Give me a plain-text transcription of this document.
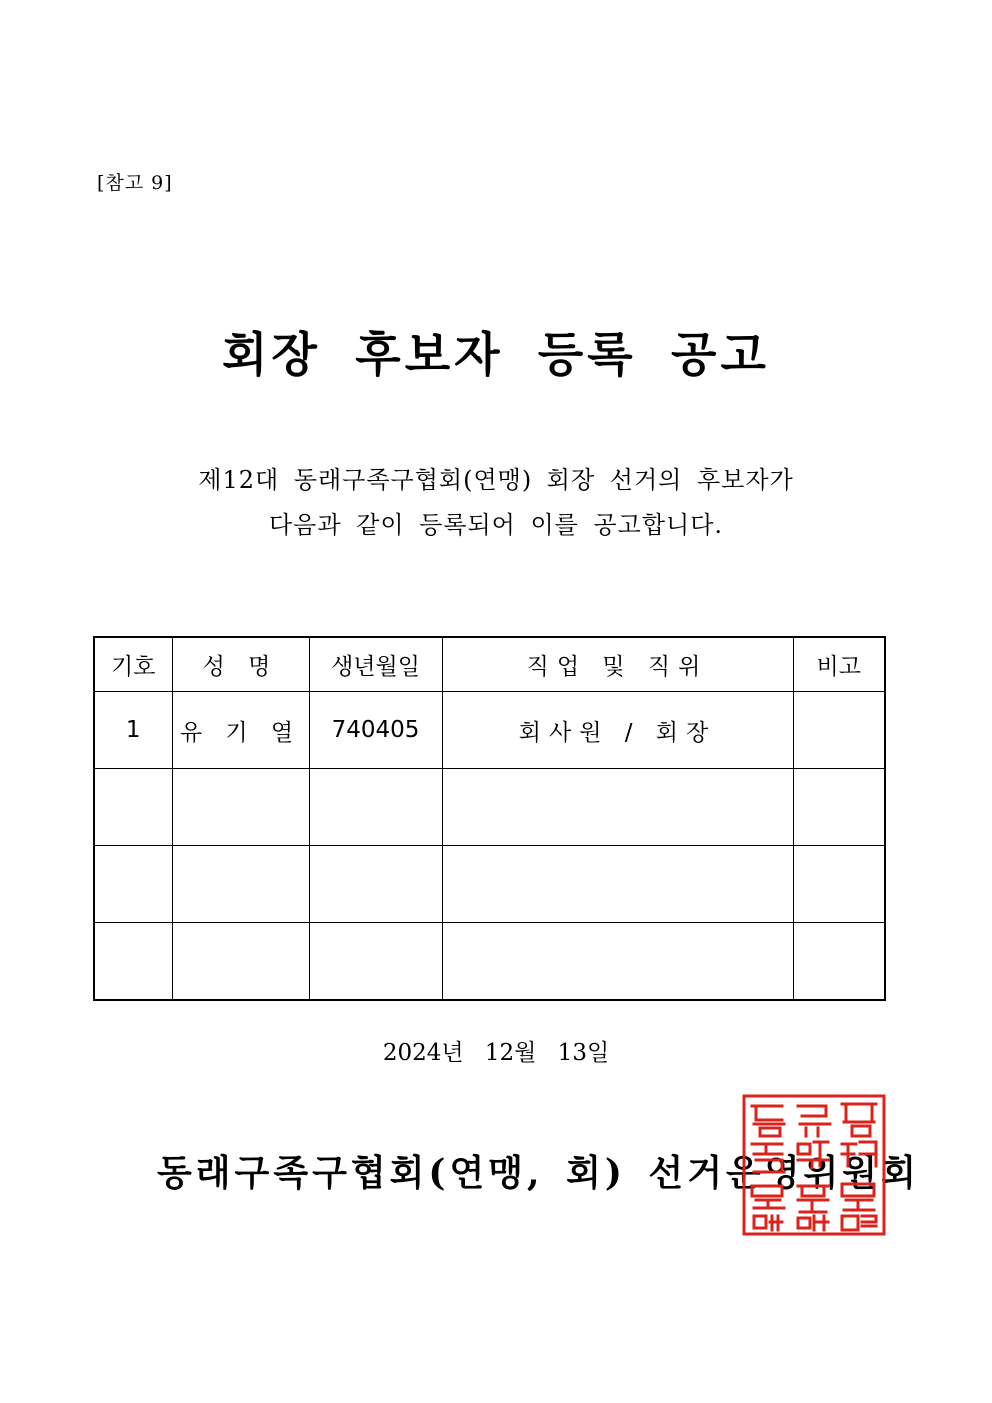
[참고 9]
회장 후보자 등록 공고
제12대 동래구족구협회(연맹) 회장 선거의 후보자가
다음과 같이 등록되어 이를 공고합니다.
기호	성 명	생년월일	직업 및 직위	비고
1	유 기 열	740405	회사원 / 회장	

2024년 12월 13일
동래구족구협회(연맹, 회) 선거운영위원회
